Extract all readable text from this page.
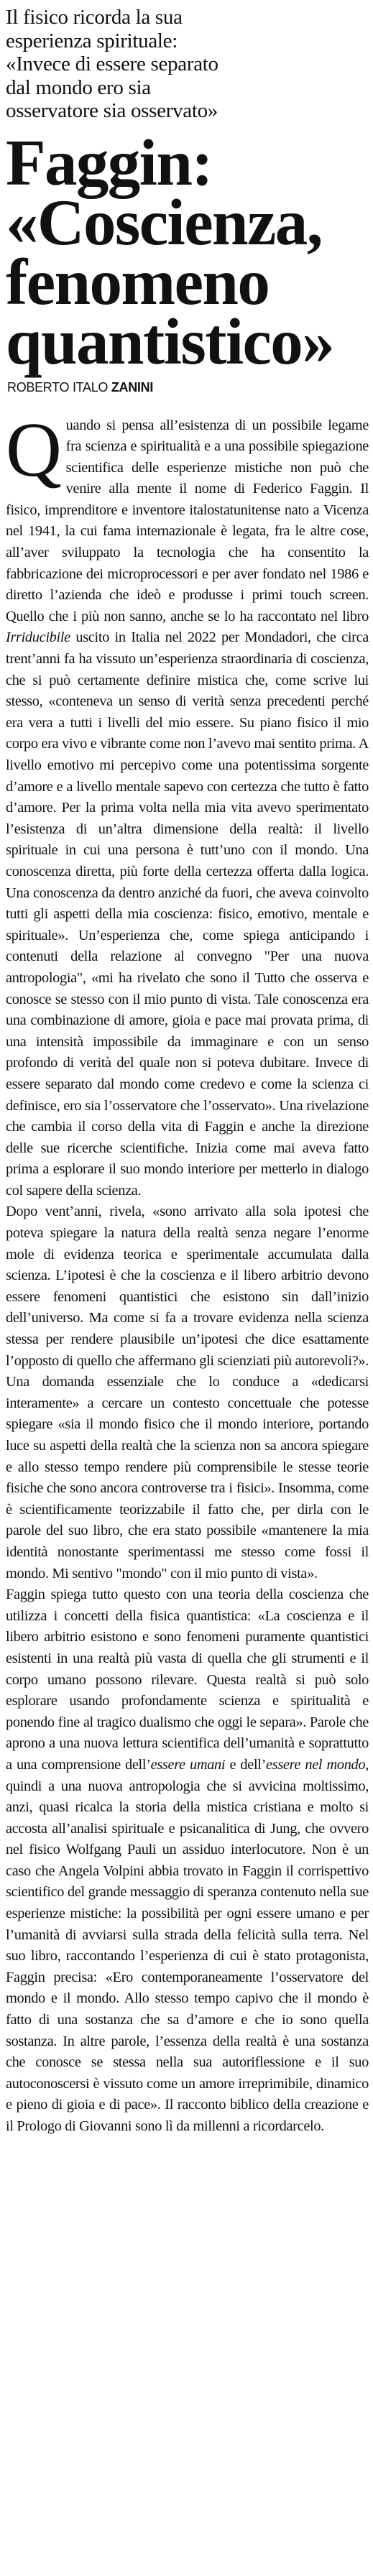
Il fisico ricorda la sua

esperienza spirituale:

«Invece di essere separato

dal mondo ero sia

osservatore sia osservato»

Faggin:

«Coscienza,

fenomeno

quantistico»

ROBERTO ITALO ZANINI
Q uando si pensa all’esistenza di un possibile legame fra scienza e spiritualità e a una possibile spiegazione scientifica delle esperienze mistiche non può che venire alla mente il nome di Federico Faggin. Il fisico, imprenditore e inventore italostatunitense nato a Vicenza nel 1941, la cui fama internazionale è legata, fra le altre cose, all’aver sviluppato la tecnologia che ha consentito la fabbricazione dei microprocessori e per aver fondato nel 1986 e diretto l’azienda che ideò e produsse i primi touch screen. Quello che i più non sanno, anche se lo ha raccontato nel libro Irriducibile uscito in Italia nel 2022 per Mondadori, che circa trent’anni fa ha vissuto un’esperienza straordinaria di coscienza, che si può certamente definire mistica che, come scrive lui stesso, «conteneva un senso di verità senza precedenti perché era vera a tutti i livelli del mio essere. Su piano fisico il mio corpo era vivo e vibrante come non l’avevo mai sentito prima. A livello emotivo mi percepivo come una potentissima sorgente d’amore e a livello mentale sapevo con certezza che tutto è fatto d’amore. Per la prima volta nella mia vita avevo sperimentato l’esistenza di un’altra dimensione della realtà: il livello spirituale in cui una persona è tutt’uno con il mondo. Una conoscenza diretta, più forte della certezza offerta dalla logica. Una conoscenza da dentro anziché da fuori, che aveva coinvolto tutti gli aspetti della mia coscienza: fisico, emotivo, mentale e spirituale». Un’esperienza che, come spiega anticipando i contenuti della relazione al convegno "Per una nuova antropologia", «mi ha rivelato che sono il Tutto che osserva e conosce se stesso con il mio punto di vista. Tale conoscenza era una combinazione di amore, gioia e pace mai provata prima, di una intensità impossibile da immaginare e con un senso profondo di verità del quale non si poteva dubitare. Invece di essere separato dal mondo come credevo e come la scienza ci definisce, ero sia l’osservatore che l’osservato». Una rivelazione che cambia il corso della vita di Faggin e anche la direzione delle sue ricerche scientifiche. Inizia come mai aveva fatto prima a esplorare il suo mondo interiore per metterlo in dialogo col sapere della scienza.
Dopo vent’anni, rivela, «sono arrivato alla sola ipotesi che poteva spiegare la natura della realtà senza negare l’enorme mole di evidenza teorica e sperimentale accumulata dalla scienza. L’ipotesi è che la coscienza e il libero arbitrio devono essere fenomeni quantistici che esistono sin dall’inizio dell’universo. Ma come si fa a trovare evidenza nella scienza stessa per rendere plausibile un’ipotesi che dice esattamente l’opposto di quello che affermano gli scienziati più autorevoli?». Una domanda essenziale che lo conduce a «dedicarsi interamente» a cercare un contesto concettuale che potesse spiegare «sia il mondo fisico che il mondo interiore, portando luce su aspetti della realtà che la scienza non sa ancora spiegare e allo stesso tempo rendere più comprensibile le stesse teorie fisiche che sono ancora controverse tra i fisici». Insomma, come è scientificamente teorizzabile il fatto che, per dirla con le parole del suo libro, che era stato possibile «mantenere la mia identità nonostante sperimentassi me stesso come fossi il mondo. Mi sentivo "mondo" con il mio punto di vista».
Faggin spiega tutto questo con una teoria della coscienza che utilizza i concetti della fisica quantistica: «La coscienza e il libero arbitrio esistono e sono fenomeni puramente quantistici esistenti in una realtà più vasta di quella che gli strumenti e il corpo umano possono rilevare. Questa realtà si può solo esplorare usando profondamente scienza e spiritualità e ponendo fine al tragico dualismo che oggi le separa». Parole che aprono a una nuova lettura scientifica dell’umanità e soprattutto a una comprensione dell’essere umani e dell’essere nel mondo, quindi a una nuova antropologia che si avvicina moltissimo, anzi, quasi ricalca la storia della mistica cristiana e molto si accosta all’analisi spirituale e psicanalitica di Jung, che ovvero nel fisico Wolfgang Pauli un assiduo interlocutore. Non è un caso che Angela Volpini abbia trovato in Faggin il corrispettivo scientifico del grande messaggio di speranza contenuto nella sue esperienze mistiche: la possibilità per ogni essere umano e per l’umanità di avviarsi sulla strada della felicità sulla terra. Nel suo libro, raccontando l’esperienza di cui è stato protagonista, Faggin precisa: «Ero contemporaneamente l’osservatore del mondo e il mondo. Allo stesso tempo capivo che il mondo è fatto di una sostanza che sa d’amore e che io sono quella sostanza. In altre parole, l’essenza della realtà è una sostanza che conosce se stessa nella sua autoriflessione e il suo autoconoscersi è vissuto come un amore irreprimibile, dinamico e pieno di gioia e di pace». Il racconto biblico della creazione e il Prologo di Giovanni sono lì da millenni a ricordarcelo.
